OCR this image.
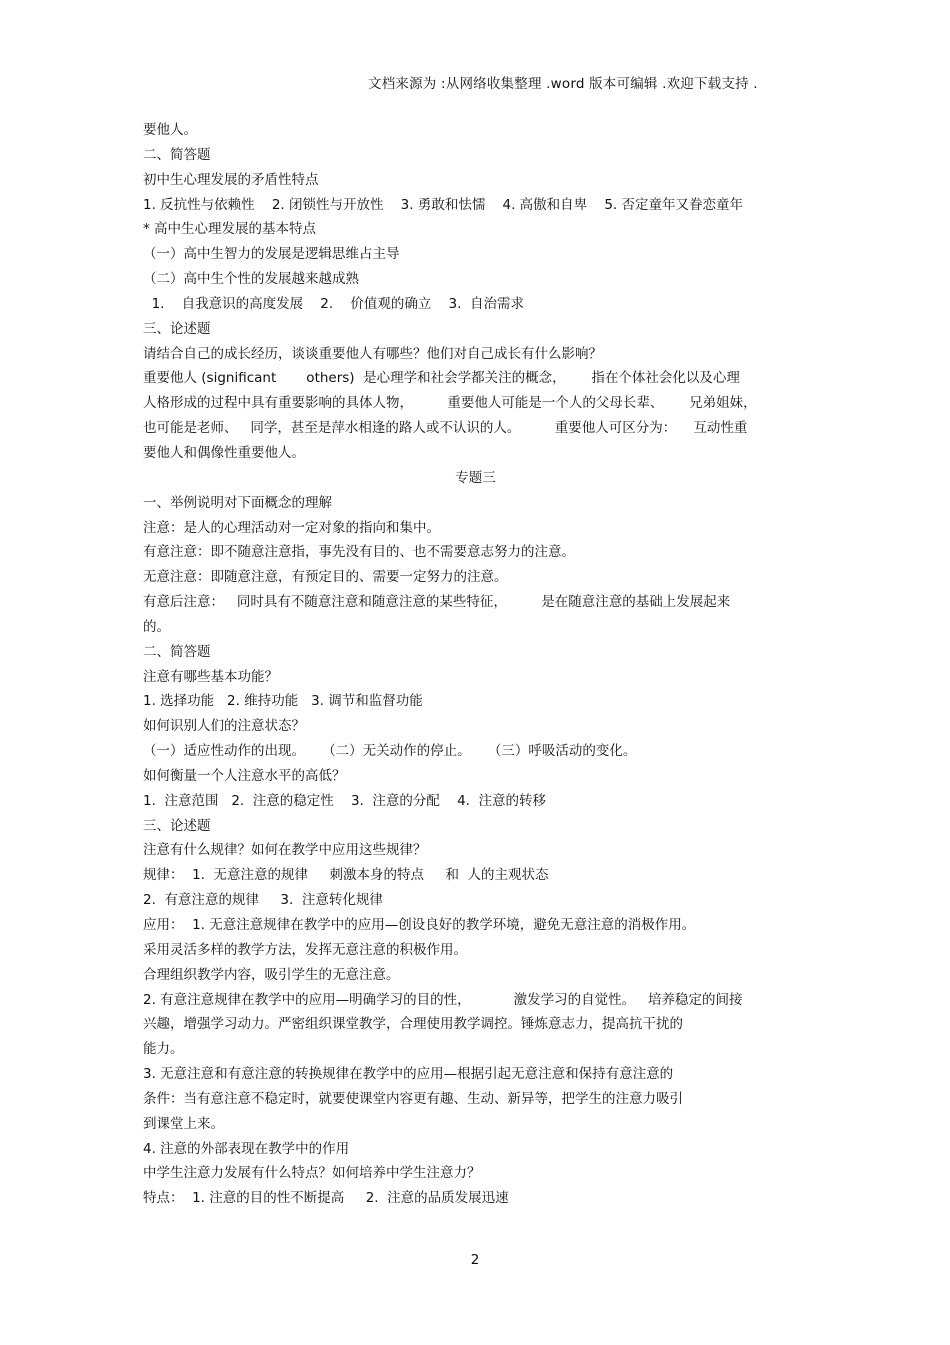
文档来源为 :从网络收集整理 .word 版本可编辑 .欢迎下载支持 .
要他人。
二、简答题
初中生心理发展的矛盾性特点
1. 反抗性与依赖性    2. 闭锁性与开放性    3. 勇敢和怯懦    4. 高傲和自卑    5. 否定童年又眷恋童年
* 高中生心理发展的基本特点
（一）高中生智力的发展是逻辑思维占主导
（二）高中生个性的发展越来越成熟
1.    自我意识的高度发展    2.    价值观的确立    3.  自治需求
三、论述题
请结合自己的成长经历，谈谈重要他人有哪些？他们对自己成长有什么影响？
重要他人 (significant       others)  是心理学和社会学都关注的概念，      指在个体社会化以及心理
人格形成的过程中具有重要影响的具体人物，        重要他人可能是一个人的父母长辈、      兄弟姐妹，
也可能是老师、   同学，甚至是萍水相逢的路人或不认识的人。        重要他人可区分为：    互动性重
要他人和偶像性重要他人。
专题三
一、举例说明对下面概念的理解
注意：是人的心理活动对一定对象的指向和集中。
有意注意：即不随意注意指，事先没有目的、也不需要意志努力的注意。
无意注意：即随意注意，有预定目的、需要一定努力的注意。
有意后注意：   同时具有不随意注意和随意注意的某些特征，        是在随意注意的基础上发展起来
的。
二、简答题
注意有哪些基本功能？
1. 选择功能   2. 维持功能   3. 调节和监督功能
如何识别人们的注意状态？
（一）适应性动作的出现。    （二）无关动作的停止。    （三）呼吸活动的变化。
如何衡量一个人注意水平的高低？
1.  注意范围   2.  注意的稳定性    3.  注意的分配    4.  注意的转移
三、论述题
注意有什么规律？如何在教学中应用这些规律？
规律：  1.  无意注意的规律     刺激本身的特点     和  人的主观状态
2.  有意注意的规律     3.  注意转化规律
应用：  1. 无意注意规律在教学中的应用—创设良好的教学环境，避免无意注意的消极作用。
采用灵活多样的教学方法，发挥无意注意的积极作用。
合理组织教学内容，吸引学生的无意注意。
2. 有意注意规律在教学中的应用—明确学习的目的性，          激发学习的自觉性。   培养稳定的间接
兴趣，增强学习动力。严密组织课堂教学，合理使用教学调控。锤炼意志力，提高抗干扰的
能力。
3. 无意注意和有意注意的转换规律在教学中的应用—根据引起无意注意和保持有意注意的
条件：当有意注意不稳定时，就要使课堂内容更有趣、生动、新异等，把学生的注意力吸引
到课堂上来。
4. 注意的外部表现在教学中的作用
中学生注意力发展有什么特点？如何培养中学生注意力？
特点：  1. 注意的目的性不断提高     2.  注意的品质发展迅速
2
